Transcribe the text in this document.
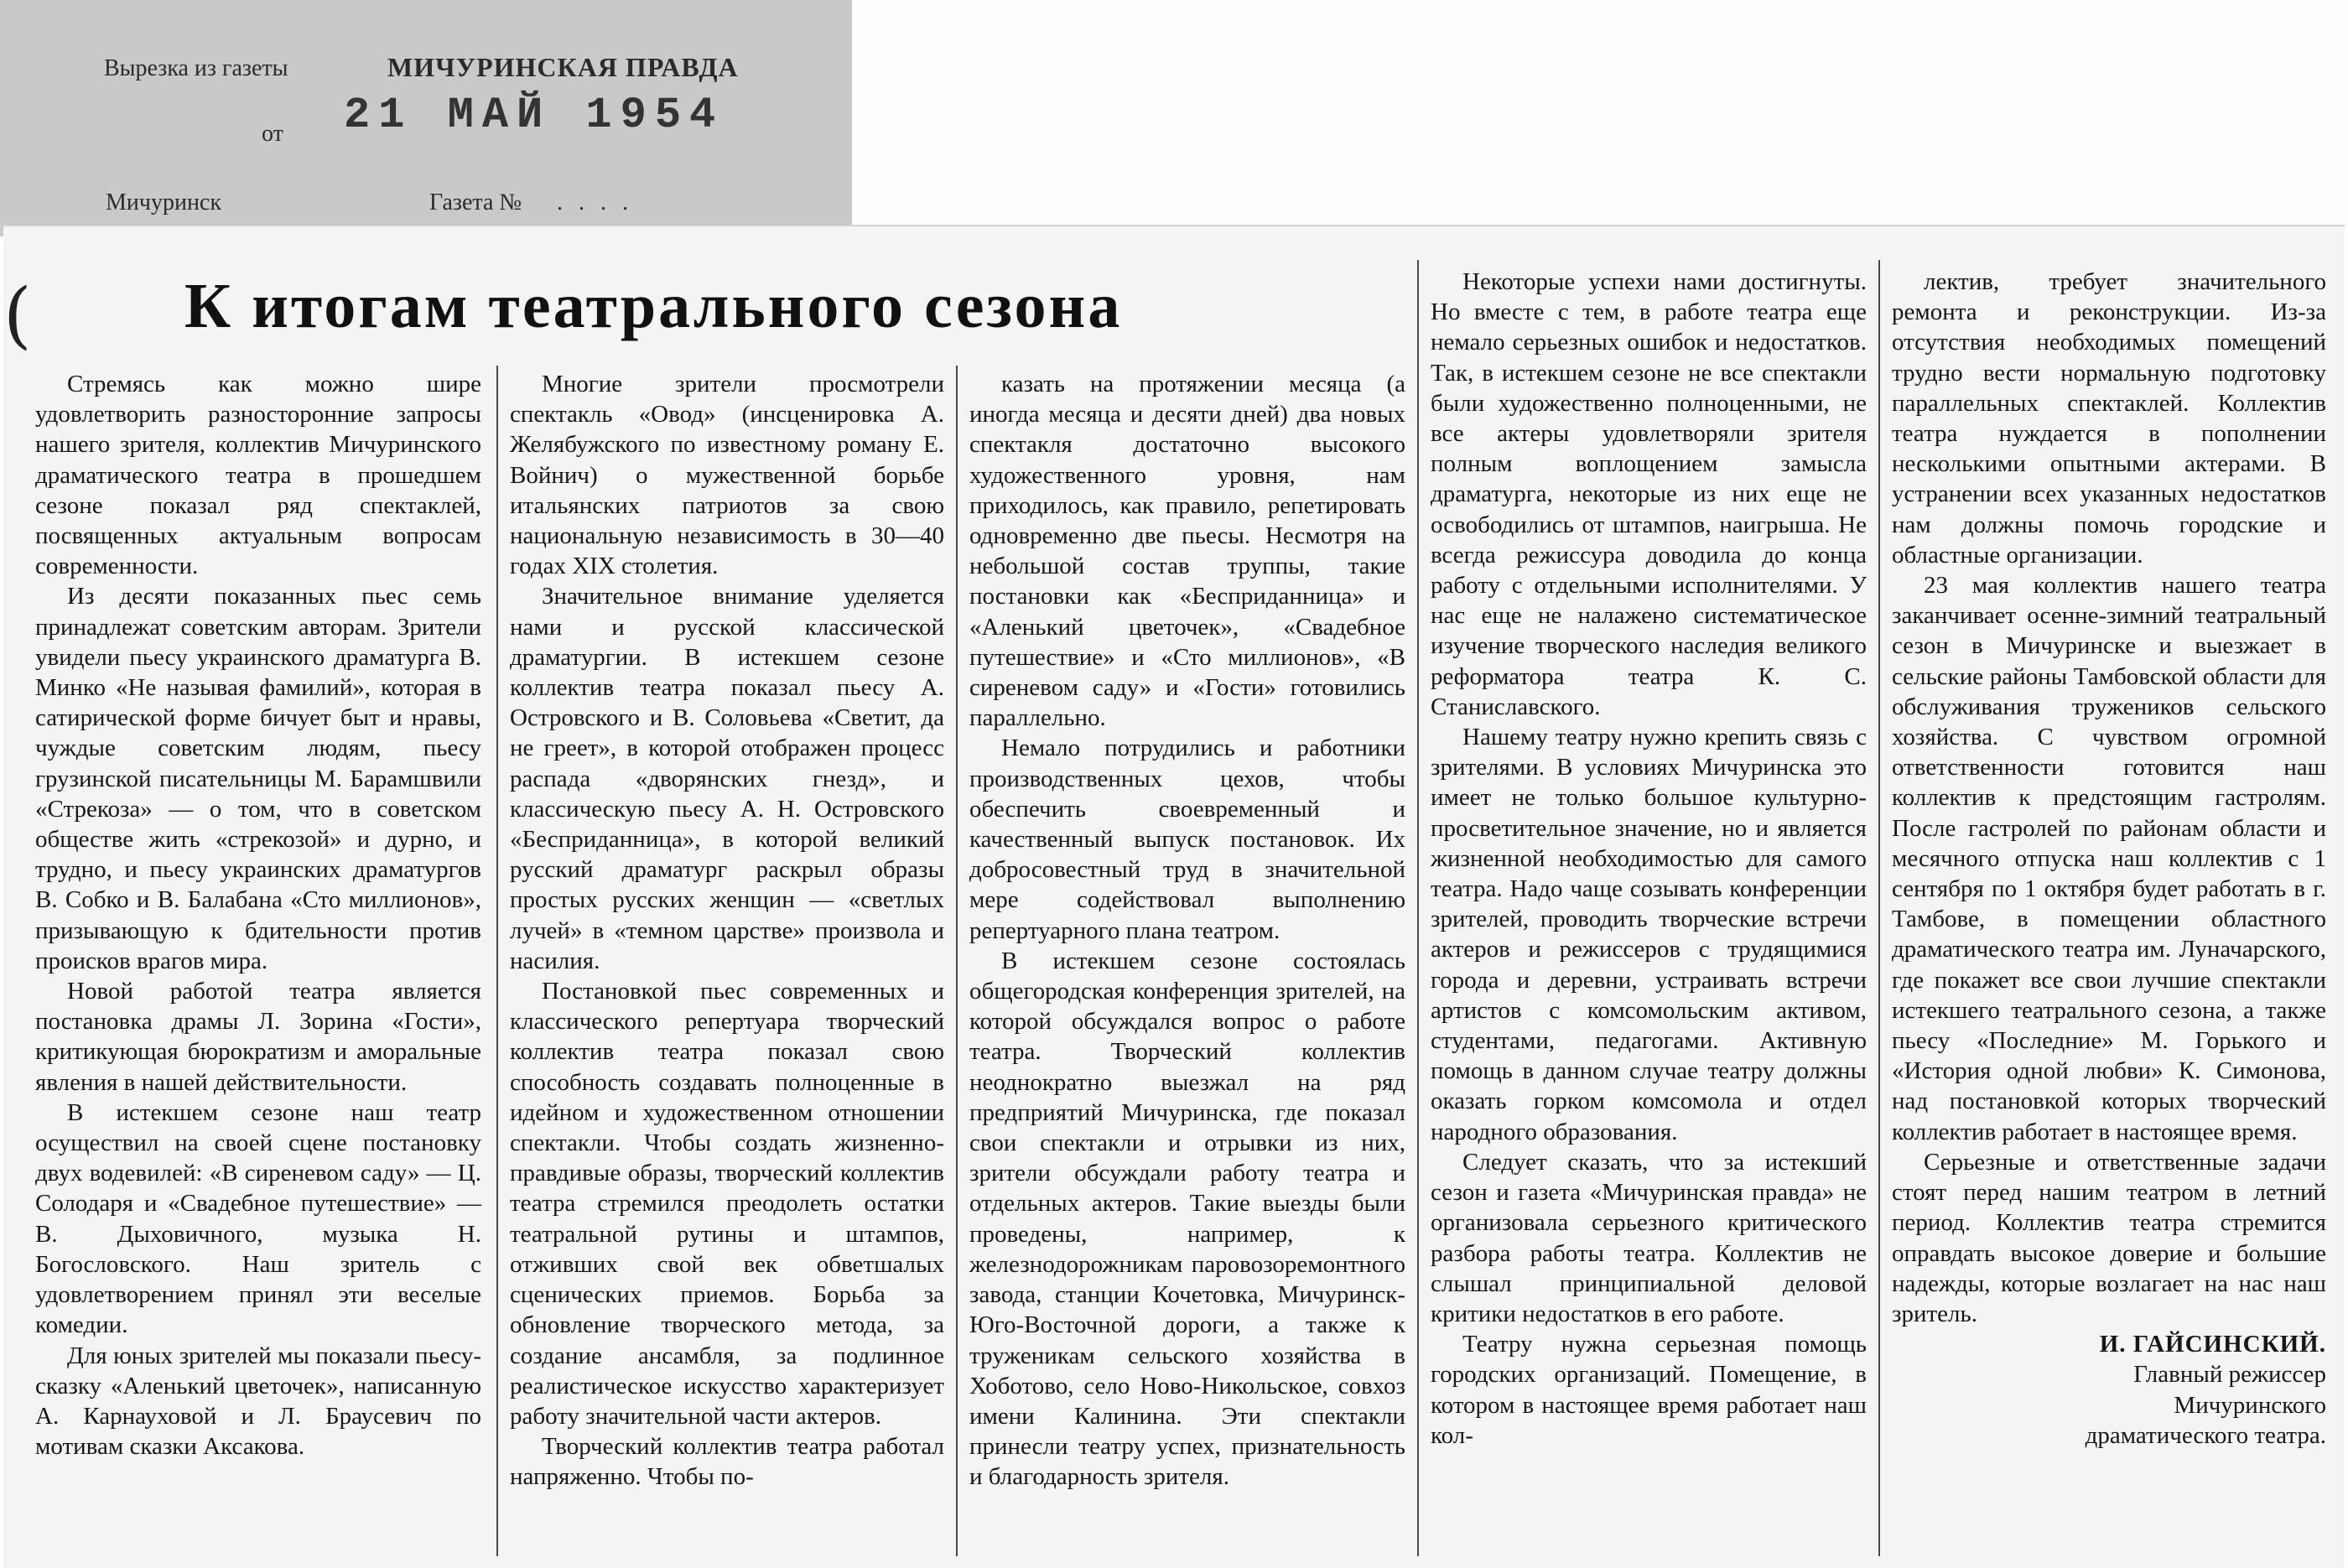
Вырезка из газеты	МИЧУРИНСКАЯ ПРАВДА
от 21 МАЙ 1954
Мичуринск	Газета № . . . .
( К итогам театрального сезона

Стремясь как можно шире удовлетворить разносторонние запросы нашего зрителя, коллектив Мичуринского драматического театра в прошедшем сезоне показал ряд спектаклей, посвященных актуальным вопросам современности.

Из десяти показанных пьес семь принадлежат советским авторам. Зрители увидели пьесу украинского драматурга В. Минко «Не называя фамилий», которая в сатирической форме бичует быт и нравы, чуждые советским людям, пьесу грузинской писательницы М. Барамшвили «Стрекоза» — о том, что в советском обществе жить «стрекозой» и дурно, и трудно, и пьесу украинских драматургов В. Собко и В. Балабана «Сто миллионов», призывающую к бдительности против происков врагов мира.

Новой работой театра является постановка драмы Л. Зорина «Гости», критикующая бюрократизм и аморальные явления в нашей действительности.

В истекшем сезоне наш театр осуществил на своей сцене постановку двух водевилей: «В сиреневом саду» — Ц. Солодаря и «Свадебное путешествие» — В. Дыховичного, музыка Н. Богословского. Наш зритель с удовлетворением принял эти веселые комедии.

Для юных зрителей мы показали пьесу-сказку «Аленький цветочек», написанную А. Карнауховой и Л. Браусевич по мотивам сказки Аксакова.

Многие зрители просмотрели спектакль «Овод» (инсценировка А. Желябужского по известному роману Е. Войнич) о мужественной борьбе итальянских патриотов за свою национальную независимость в 30—40 годах XIX столетия.

Значительное внимание уделяется нами и русской классической драматургии. В истекшем сезоне коллектив театра показал пьесу А. Островского и В. Соловьева «Светит, да не греет», в которой отображен процесс распада «дворянских гнезд», и классическую пьесу А. Н. Островского «Бесприданница», в которой великий русский драматург раскрыл образы простых русских женщин — «светлых лучей» в «темном царстве» произвола и насилия.

Постановкой пьес современных и классического репертуара творческий коллектив театра показал свою способность создавать полноценные в идейном и художественном отношении спектакли. Чтобы создать жизненно-правдивые образы, творческий коллектив театра стремился преодолеть остатки театральной рутины и штампов, отживших свой век обветшалых сценических приемов. Борьба за обновление творческого метода, за создание ансамбля, за подлинное реалистическое искусство характеризует работу значительной части актеров.

Творческий коллектив театра работал напряженно. Чтобы по-

казать на протяжении месяца (а иногда месяца и десяти дней) два новых спектакля достаточно высокого художественного уровня, нам приходилось, как правило, репетировать одновременно две пьесы. Несмотря на небольшой состав труппы, такие постановки как «Бесприданница» и «Аленький цветочек», «Свадебное путешествие» и «Сто миллионов», «В сиреневом саду» и «Гости» готовились параллельно.

Немало потрудились и работники производственных цехов, чтобы обеспечить своевременный и качественный выпуск постановок. Их добросовестный труд в значительной мере содействовал выполнению репертуарного плана театром.

В истекшем сезоне состоялась общегородская конференция зрителей, на которой обсуждался вопрос о работе театра. Творческий коллектив неоднократно выезжал на ряд предприятий Мичуринска, где показал свои спектакли и отрывки из них, зрители обсуждали работу театра и отдельных актеров. Такие выезды были проведены, например, к железнодорожникам паровозоремонтного завода, станции Кочетовка, Мичуринск-Юго-Восточной дороги, а также к труженикам сельского хозяйства в Хоботово, село Ново-Никольское, совхоз имени Калинина. Эти спектакли принесли театру успех, признательность и благодарность зрителя.

Некоторые успехи нами достигнуты. Но вместе с тем, в работе театра еще немало серьезных ошибок и недостатков. Так, в истекшем сезоне не все спектакли были художественно полноценными, не все актеры удовлетворяли зрителя полным воплощением замысла драматурга, некоторые из них еще не освободились от штампов, наигрыша. Не всегда режиссура доводила до конца работу с отдельными исполнителями. У нас еще не налажено систематическое изучение творческого наследия великого реформатора театра К. С. Станиславского.

Нашему театру нужно крепить связь с зрителями. В условиях Мичуринска это имеет не только большое культурно-просветительное значение, но и является жизненной необходимостью для самого театра. Надо чаще созывать конференции зрителей, проводить творческие встречи актеров и режиссеров с трудящимися города и деревни, устраивать встречи артистов с комсомольским активом, студентами, педагогами. Активную помощь в данном случае театру должны оказать горком комсомола и отдел народного образования.

Следует сказать, что за истекший сезон и газета «Мичуринская правда» не организовала серьезного критического разбора работы театра. Коллектив не слышал принципиальной деловой критики недостатков в его работе.

Театру нужна серьезная помощь городских организаций. Помещение, в котором в настоящее время работает наш кол-

лектив, требует значительного ремонта и реконструкции. Из-за отсутствия необходимых помещений трудно вести нормальную подготовку параллельных спектаклей. Коллектив театра нуждается в пополнении несколькими опытными актерами. В устранении всех указанных недостатков нам должны помочь городские и областные организации.

23 мая коллектив нашего театра заканчивает осенне-зимний театральный сезон в Мичуринске и выезжает в сельские районы Тамбовской области для обслуживания тружеников сельского хозяйства. С чувством огромной ответственности готовится наш коллектив к предстоящим гастролям. После гастролей по районам области и месячного отпуска наш коллектив с 1 сентября по 1 октября будет работать в г. Тамбове, в помещении областного драматического театра им. Луначарского, где покажет все свои лучшие спектакли истекшего театрального сезона, а также пьесу «Последние» М. Горького и «История одной любви» К. Симонова, над постановкой которых творческий коллектив работает в настоящее время.

Серьезные и ответственные задачи стоят перед нашим театром в летний период. Коллектив театра стремится оправдать высокое доверие и большие надежды, которые возлагает на нас наш зритель.

И. ГАЙСИНСКИЙ.

Главный режиссер

Мичуринского

драматического театра.
